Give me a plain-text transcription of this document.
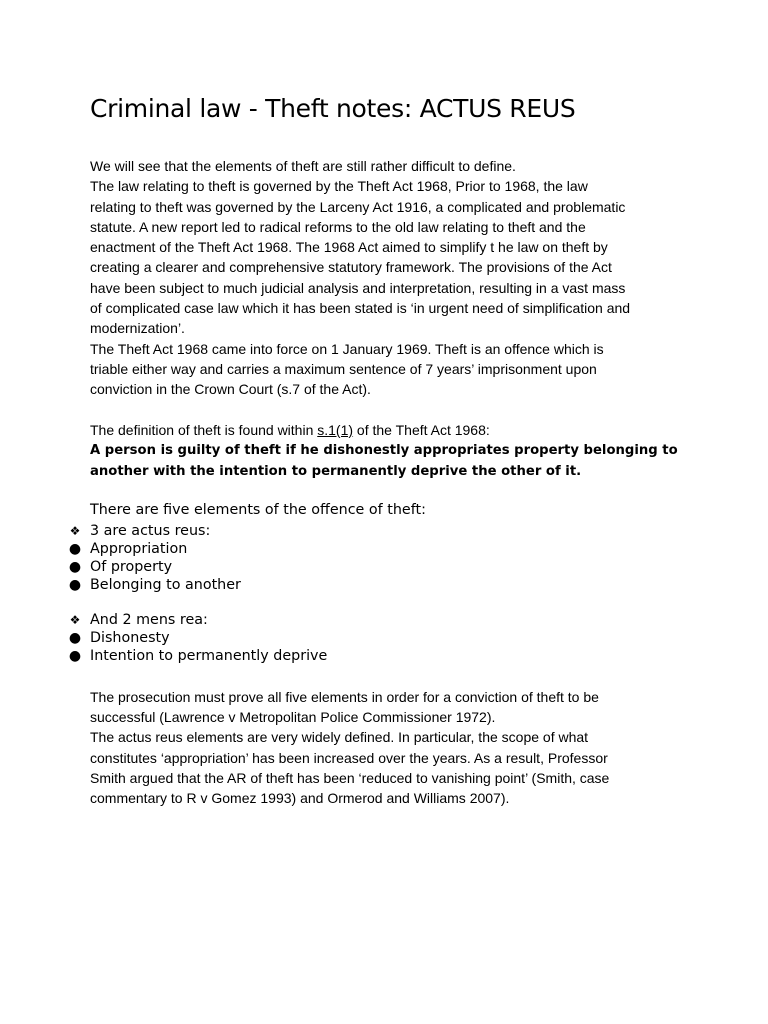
Criminal law - Theft notes: ACTUS REUS

We will see that the elements of theft are still rather difficult to define.

The law relating to theft is governed by the Theft Act 1968, Prior to 1968, the law

relating to theft was governed by the Larceny Act 1916, a complicated and problematic

statute. A new report led to radical reforms to the old law relating to theft and the

enactment of the Theft Act 1968. The 1968 Act aimed to simplify t he law on theft by

creating a clearer and comprehensive statutory framework. The provisions of the Act

have been subject to much judicial analysis and interpretation, resulting in a vast mass

of complicated case law which it has been stated is ‘in urgent need of simplification and

modernization’.

The Theft Act 1968 came into force on 1 January 1969. Theft is an offence which is

triable either way and carries a maximum sentence of 7 years’ imprisonment upon

conviction in the Crown Court (s.7 of the Act).

The definition of theft is found within s.1(1) of the Theft Act 1968:

A person is guilty of theft if he dishonestly appropriates property belonging to

another with the intention to permanently deprive the other of it.

There are five elements of the offence of theft:

❖ 3 are actus reus:
● Appropriation
● Of property
● Belonging to another
❖ And 2 mens rea:
● Dishonesty
● Intention to permanently deprive

The prosecution must prove all five elements in order for a conviction of theft to be

successful (Lawrence v Metropolitan Police Commissioner 1972).

The actus reus elements are very widely defined. In particular, the scope of what

constitutes ‘appropriation’ has been increased over the years. As a result, Professor

Smith argued that the AR of theft has been ‘reduced to vanishing point’ (Smith, case

commentary to R v Gomez 1993) and Ormerod and Williams 2007).
